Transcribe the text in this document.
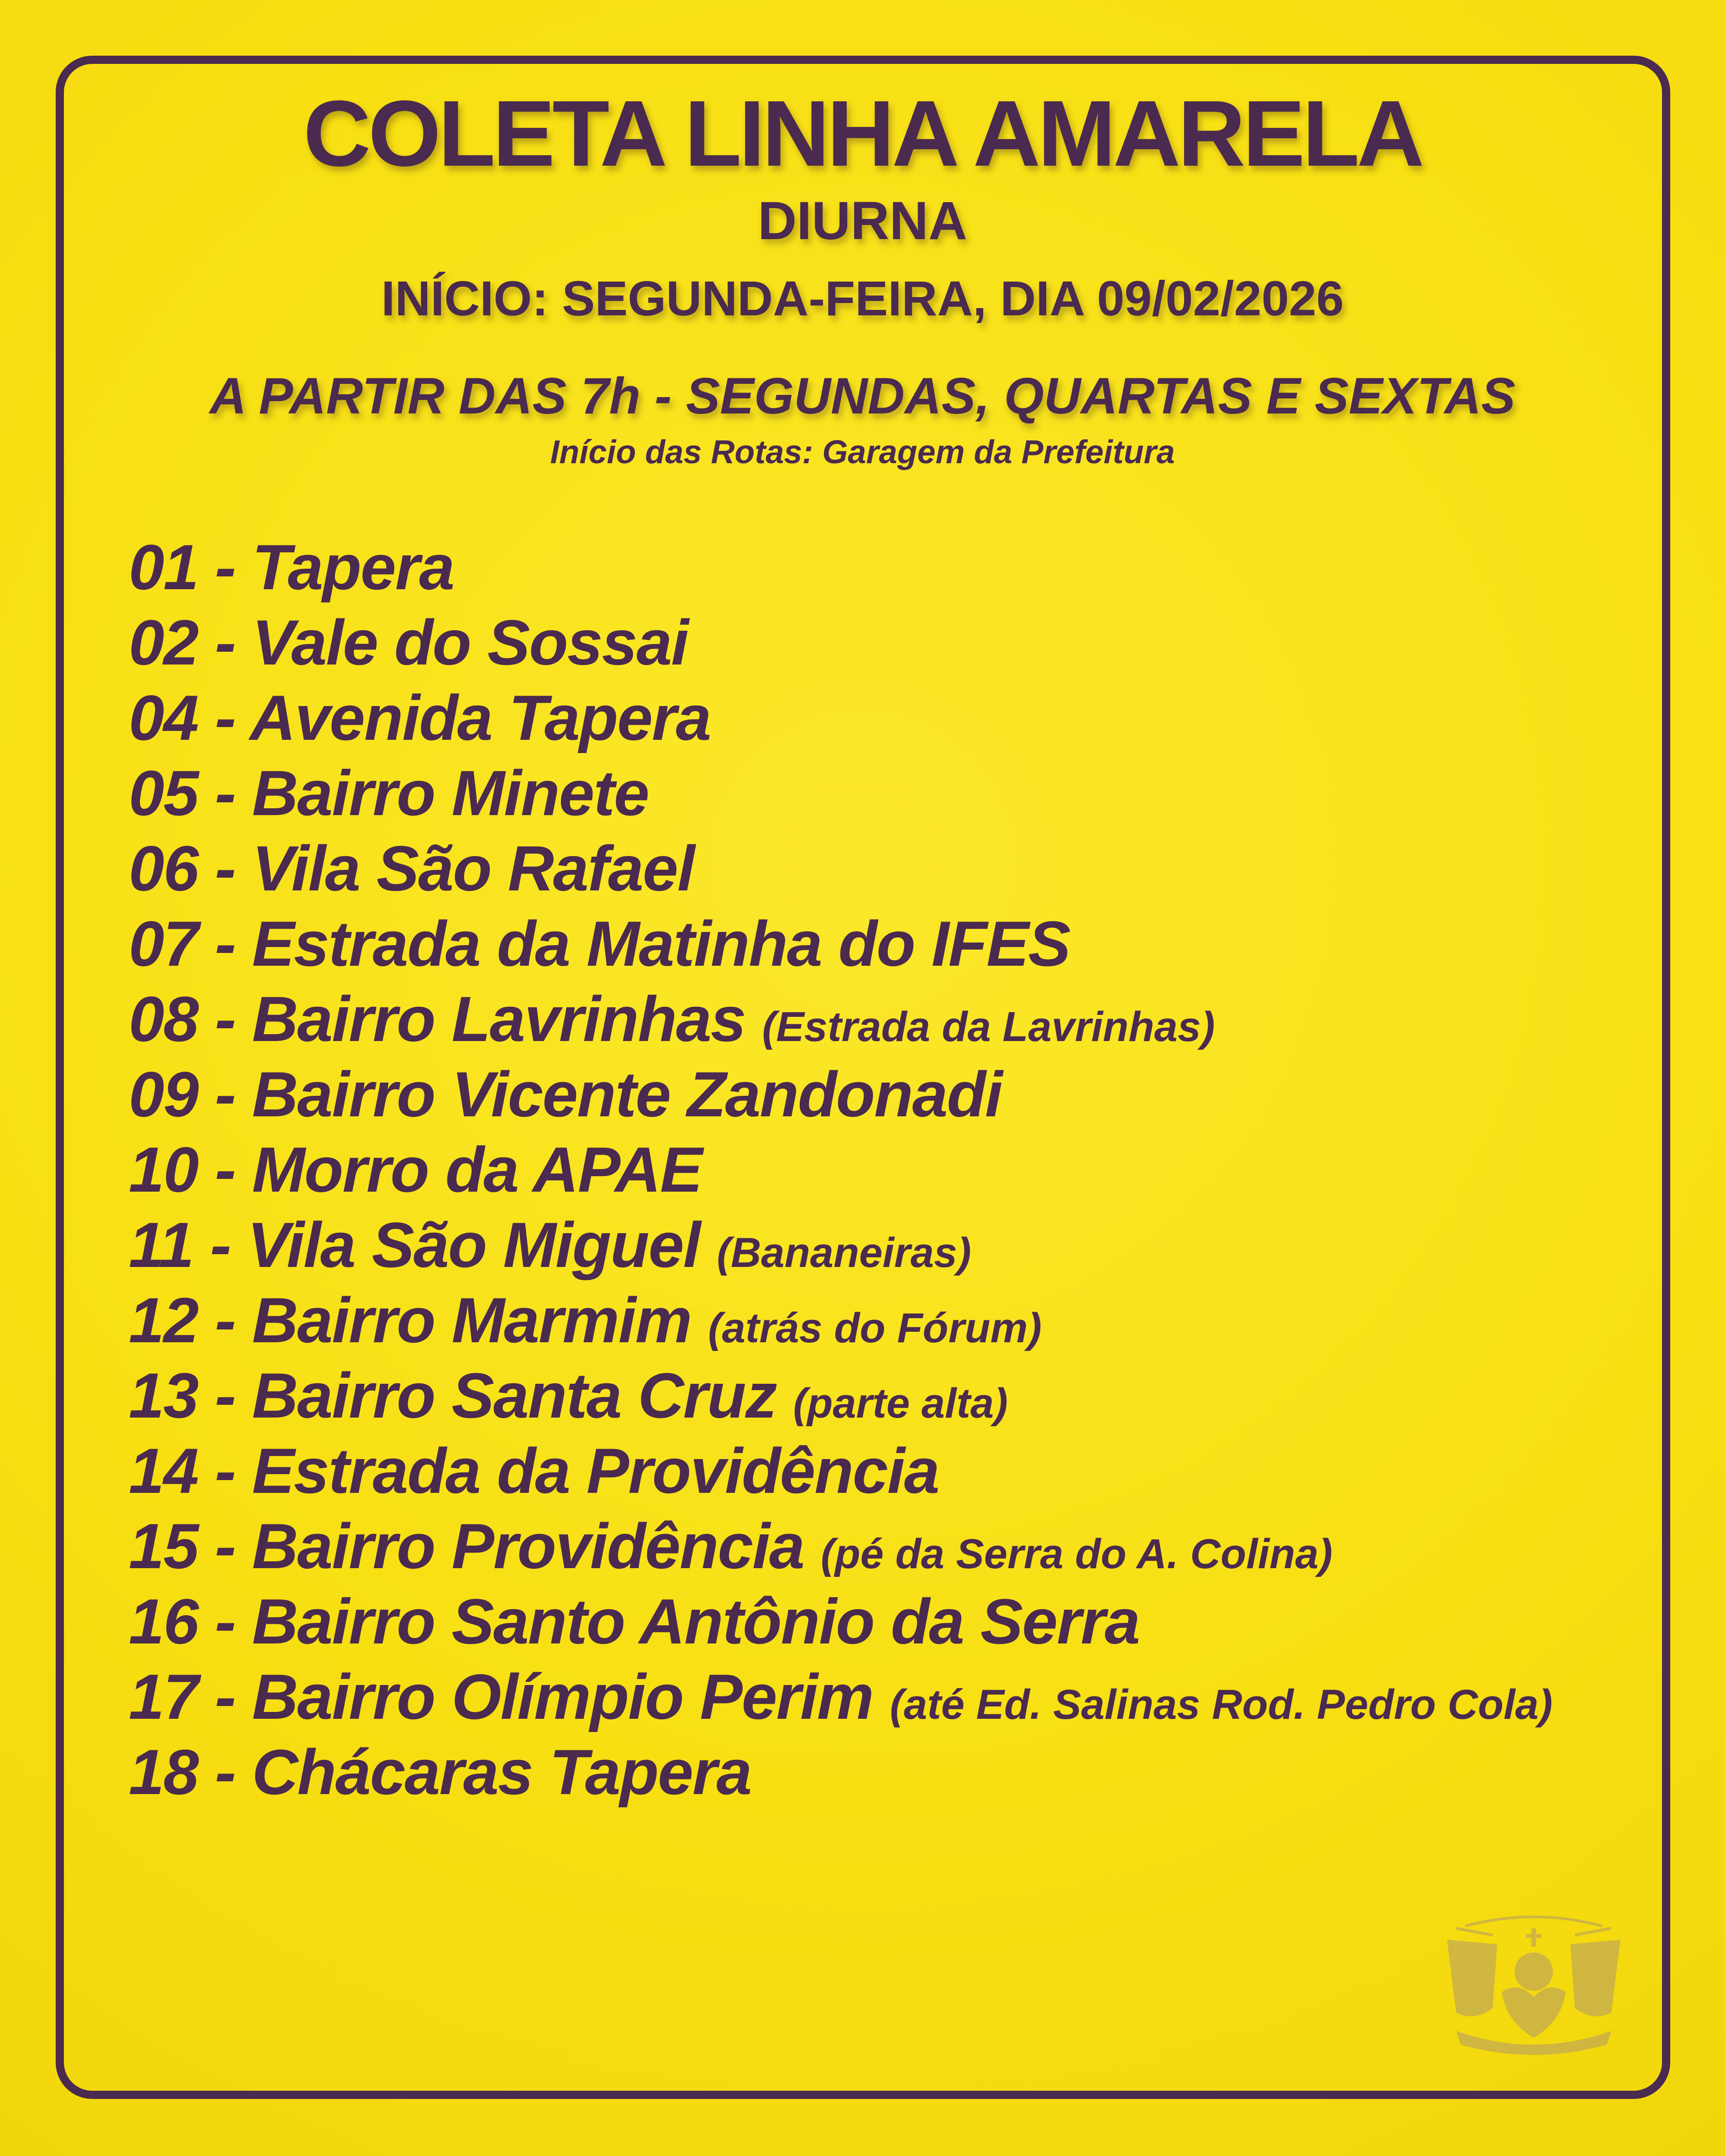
COLETA LINHA AMARELA
DIURNA
INÍCIO: SEGUNDA-FEIRA, DIA 09/02/2026
A PARTIR DAS 7h - SEGUNDAS, QUARTAS E SEXTAS
Início das Rotas: Garagem da Prefeitura
01 - Tapera
02 - Vale do Sossai
04 - Avenida Tapera
05 - Bairro Minete
06 - Vila São Rafael
07 - Estrada da Matinha do IFES
08 - Bairro Lavrinhas (Estrada da Lavrinhas)
09 - Bairro Vicente Zandonadi
10 - Morro da APAE
11 - Vila São Miguel (Bananeiras)
12 - Bairro Marmim (atrás do Fórum)
13 - Bairro Santa Cruz (parte alta)
14 - Estrada da Providência
15 - Bairro Providência (pé da Serra do A. Colina)
16 - Bairro Santo Antônio da Serra
17 - Bairro Olímpio Perim (até Ed. Salinas Rod. Pedro Cola)
18 - Chácaras Tapera
